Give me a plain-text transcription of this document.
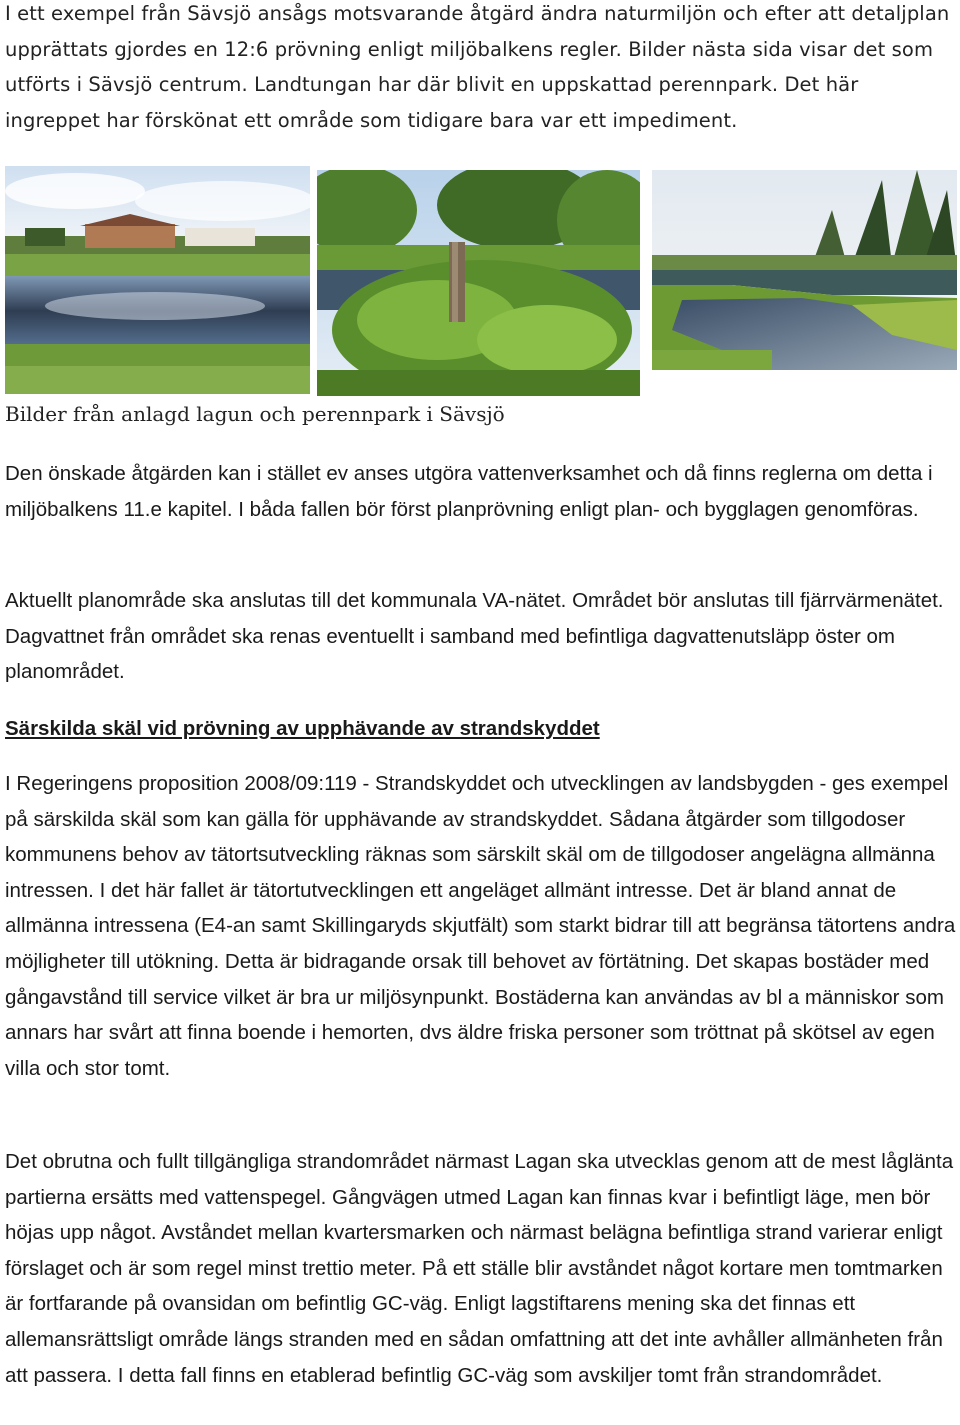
I ett exempel från Sävsjö ansågs motsvarande åtgärd ändra naturmiljön och efter att detaljplan upprättats gjordes en 12:6 prövning enligt miljöbalkens regler. Bilder nästa sida visar det som utförts i Sävsjö centrum. Landtungan har där blivit en uppskattad perennpark. Det här ingreppet har förskönat ett område som tidigare bara var ett impediment.

Bilder från anlagd lagun och perennpark i Sävsjö

Den önskade åtgärden kan i stället ev anses utgöra vattenverksamhet och då finns reglerna om detta i miljöbalkens 11.e kapitel. I båda fallen bör först planprövning enligt plan- och bygglagen genomföras.

Aktuellt planområde ska anslutas till det kommunala VA-nätet. Området bör anslutas till fjärrvärmenätet. Dagvattnet från området ska renas eventuellt i samband med befintliga dagvattenutsläpp öster om planområdet.

Särskilda skäl vid prövning av upphävande av strandskyddet

I Regeringens proposition 2008/09:119 - Strandskyddet och utvecklingen av landsbygden - ges exempel på särskilda skäl som kan gälla för upphävande av strandskyddet. Sådana åtgärder som tillgodoser kommunens behov av tätortsutveckling räknas som särskilt skäl om de tillgodoser angelägna allmänna intressen. I det här fallet är tätortutvecklingen ett angeläget allmänt intresse. Det är bland annat de allmänna intressena (E4-an samt Skillingaryds skjutfält) som starkt bidrar till att begränsa tätortens andra möjligheter till utökning. Detta är bidragande orsak till behovet av förtätning. Det skapas bostäder med gångavstånd till service vilket är bra ur miljösynpunkt. Bostäderna kan användas av bl a människor som annars har svårt att finna boende i hemorten, dvs äldre friska personer som tröttnat på skötsel av egen villa och stor tomt.

Det obrutna och fullt tillgängliga strandområdet närmast Lagan ska utvecklas genom att de mest låglänta partierna ersätts med vattenspegel. Gångvägen utmed Lagan kan finnas kvar i befintligt läge, men bör höjas upp något. Avståndet mellan kvartersmarken och närmast belägna befintliga strand varierar enligt förslaget och är som regel minst trettio meter. På ett ställe blir avståndet något kortare men tomtmarken är fortfarande på ovansidan om befintlig GC-väg. Enligt lagstiftarens mening ska det finnas ett allemansrättsligt område längs stranden med en sådan omfattning att det inte avhåller allmänheten från att passera. I detta fall finns en etablerad befintlig GC-väg som avskiljer tomt från strandområdet.
